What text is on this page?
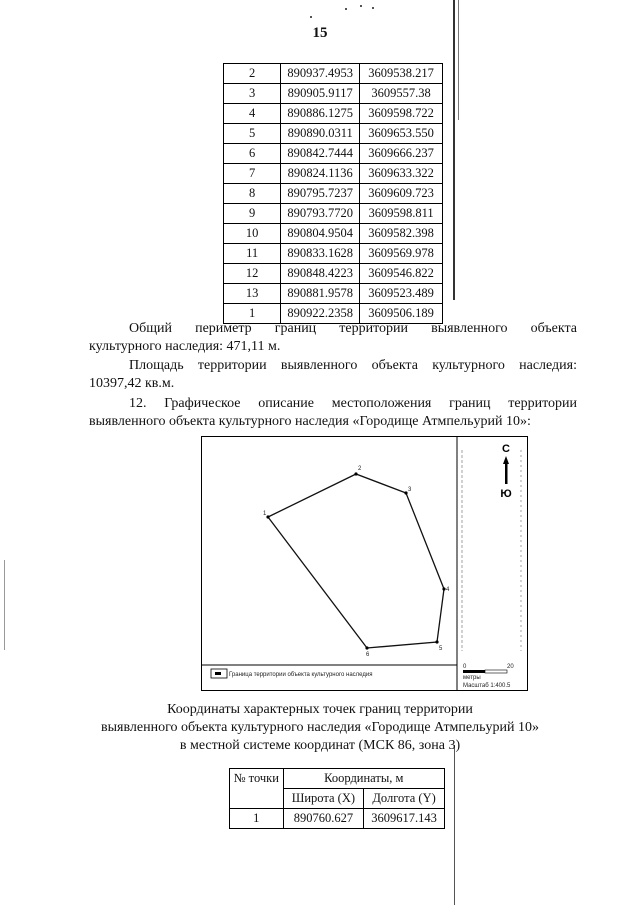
15
2	890937.4953	3609538.217
3	890905.9117	3609557.38
4	890886.1275	3609598.722
5	890890.0311	3609653.550
6	890842.7444	3609666.237
7	890824.1136	3609633.322
8	890795.7237	3609609.723
9	890793.7720	3609598.811
10	890804.9504	3609582.398
11	890833.1628	3609569.978
12	890848.4223	3609546.822
13	890881.9578	3609523.489
1	890922.2358	3609506.189
Общий периметр границ территории выявленного объекта
культурного наследия: 471,11 м.
Площадь территории выявленного объекта культурного наследия:
10397,42 кв.м.
12. Графическое описание местоположения границ территории
выявленного объекта культурного наследия «Городище Атмпельурий 10»:
С
Ю
1
2
3
4
5
6
Граница территории объекта культурного наследия
0	20
метры
Масштаб 1:400.5
Координаты характерных точек границ территории
выявленного объекта культурного наследия «Городище Атмпельурий 10»
в местной системе координат (МСК 86, зона 3)
№ точки	Координаты, м	
	Широта (X)	Долгота (Y)
1	890760.627	3609617.143
